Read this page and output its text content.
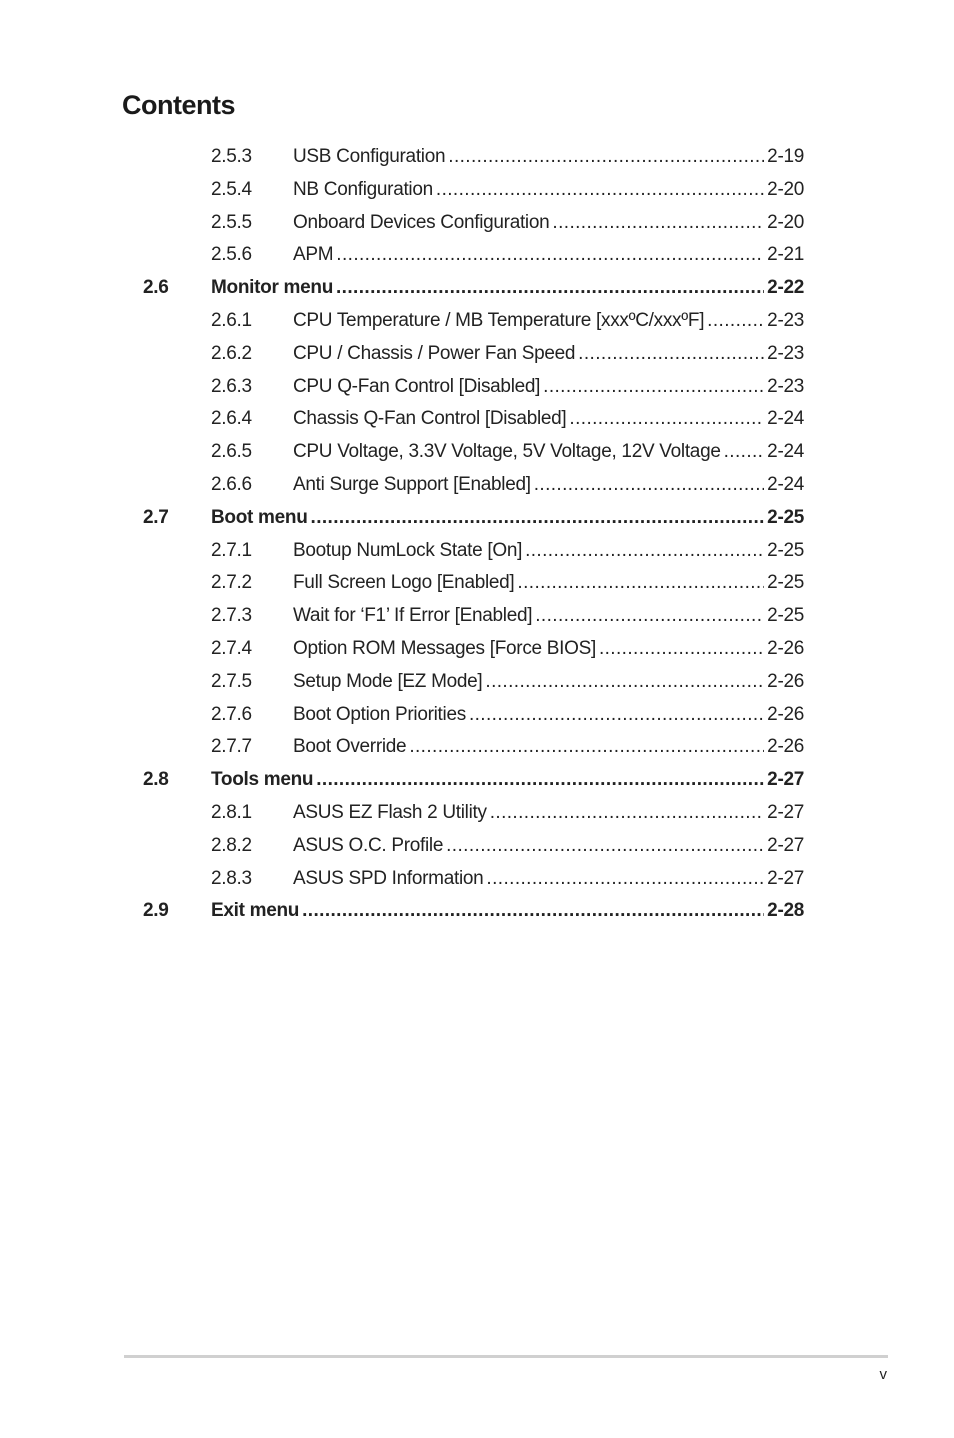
Contents
2.5.3 USB Configuration .....	2-19
2.5.4 NB Configuration .....	2-20
2.5.5 Onboard Devices Configuration .....	2-20
2.5.6 APM .....	2-21
2.6 Monitor menu .....	2-22
2.6.1 CPU Temperature / MB Temperature [xxxºC/xxxºF] .....	2-23
2.6.2 CPU / Chassis / Power Fan Speed .....	2-23
2.6.3 CPU Q-Fan Control [Disabled] .....	2-23
2.6.4 Chassis Q-Fan Control [Disabled] .....	2-24
2.6.5 CPU Voltage, 3.3V Voltage, 5V Voltage, 12V Voltage ..... 2-24
2.6.6 Anti Surge Support [Enabled] .....	2-24
2.7 Boot menu .....	2-25
2.7.1 Bootup NumLock State [On] .....	2-25
2.7.2 Full Screen Logo [Enabled] .....	2-25
2.7.3 Wait for ‘F1’ If Error [Enabled] .....	2-25
2.7.4 Option ROM Messages [Force BIOS] .....	2-26
2.7.5 Setup Mode [EZ Mode] .....	2-26
2.7.6 Boot Option Priorities .....	2-26
2.7.7 Boot Override .....	2-26
2.8 Tools menu .....	2-27
2.8.1 ASUS EZ Flash 2 Utility .....	2-27
2.8.2 ASUS O.C. Profile .....	2-27
2.8.3 ASUS SPD Information .....	2-27
2.9 Exit menu .....	2-28
v
